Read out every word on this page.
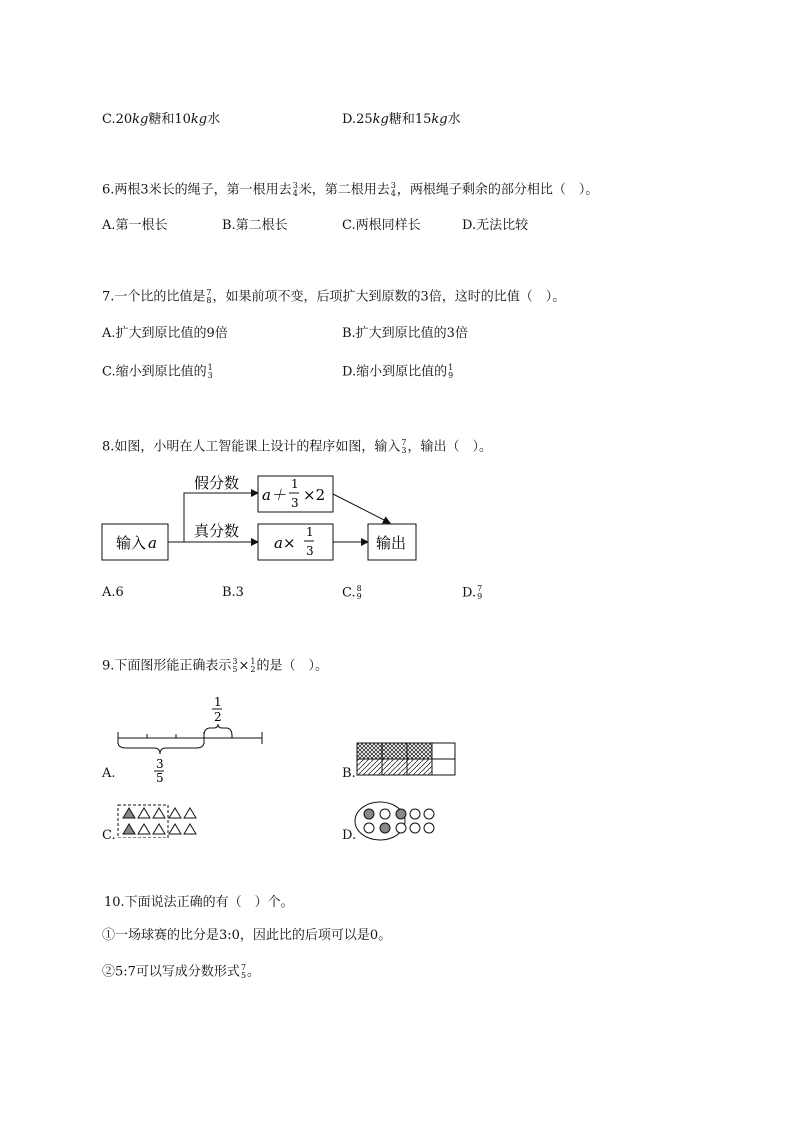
C.20kg糖和10kg水	D.25kg糖和15kg水
6.两根3米长的绳子，第一根用去 3
4 米，第二根用去 3
4 ，两根绳子剩余的部分相比（　）。
A.第一根长	B.第二根长	C.两根同样长	D.无法比较
7.一个比的比值是 7
8 ，如果前项不变，后项扩大到原数的3倍，这时的比值（　）。
A.扩大到原比值的9倍	B.扩大到原比值的3倍
C.缩小到原比值的 1
3	D.缩小到原比值的 1
9
8.如图，小明在人工智能课上设计的程序如图，输入 7
3 ，输出（　）。
输入 a
假分数
真分数
a＋
1
3 ×2
a×
1
3	输出
A.6	B.3	C. 8
9	D. 7
9
9.下面图形能正确表示 3
5 × 1
2 的是（　）。
1
2
3
5
A.	B.
C.	D.
10.下面说法正确的有（　）个。
①一场球赛的比分是3:0，因此比的后项可以是0。
②5:7可以写成分数形式 7
5 。
